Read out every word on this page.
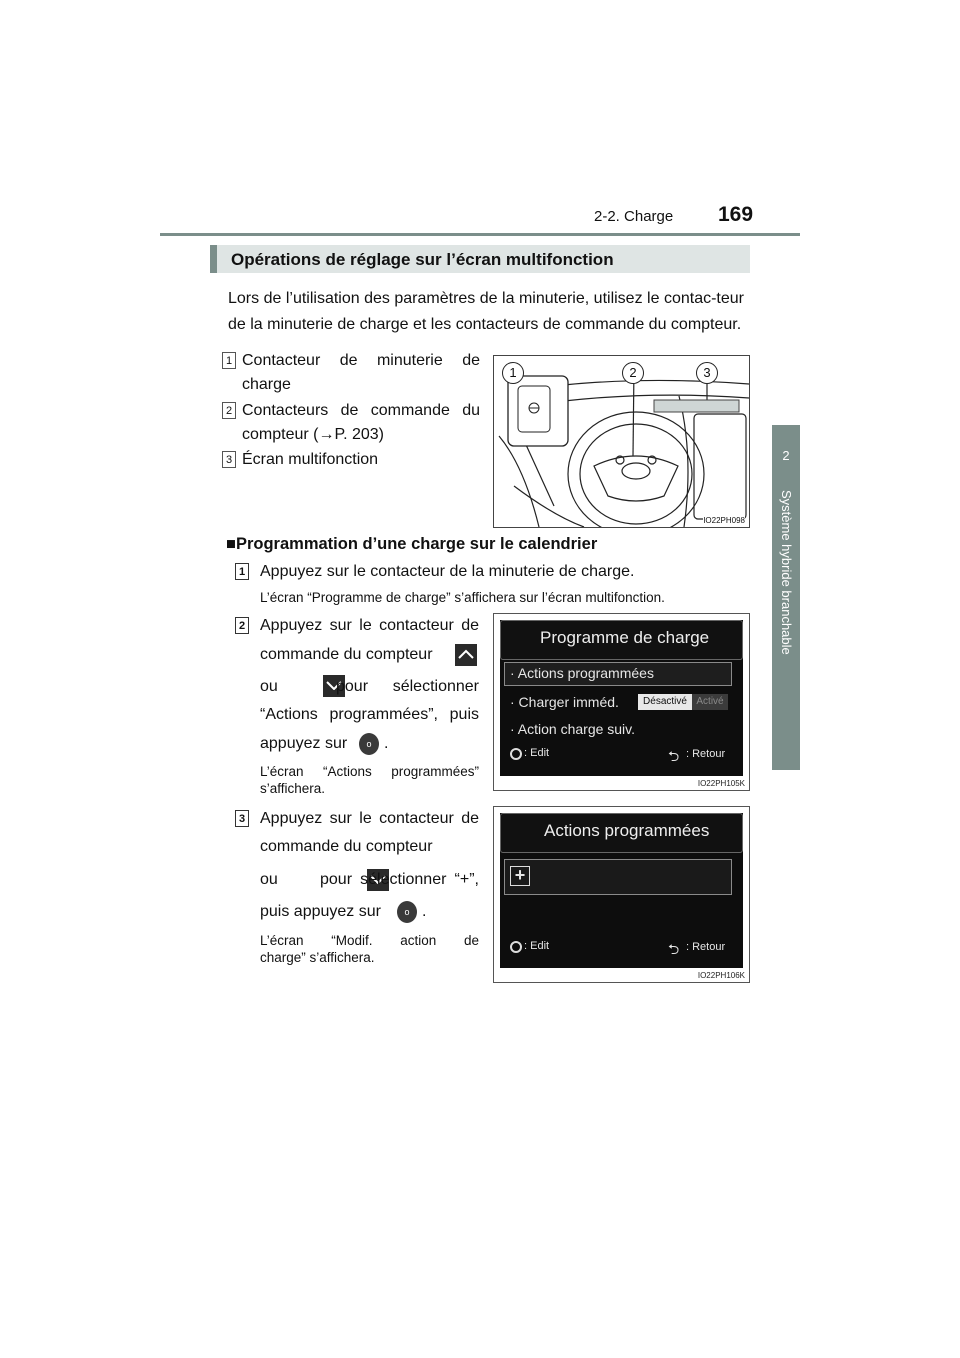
2-2. Charge 169
2
Système hybride branchable
Opérations de réglage sur l’écran multifonction
Lors de l’utilisation des paramètres de la minuterie, utilisez le contac-teur de la minuterie de charge et les contacteurs de commande du compteur.
1 Contacteur de minuterie de
charge
2 Contacteurs de commande du
compteur (→P. 203)
3 Écran multifonction
1	2	3
IO22PH098
■Programmation d’une charge sur le calendrier
1 Appuyez sur le contacteur de la minuterie de charge.
L’écran “Programme de charge” s’affichera sur l’écran multifonction.
2 Appuyez sur le contacteur de
commande du compteur

ou
	pour sélectionner
“Actions programmées”, puis
appuyez sur	o .
L’écran “Actions programmées”
s’affichera.
Programme de charge
· Actions programmées
· Charger imméd.	Désactivé Activé
· Action charge suiv.
: Edit	⮌ : Retour
IO22PH105K
3 Appuyez sur le contacteur de
commande du compteur

ou	pour sélectionner “+”,
puis appuyez sur	o .
L’écran “Modif. action de
charge” s’affichera.
Actions programmées
+
: Edit	⮌ : Retour
IO22PH106K
